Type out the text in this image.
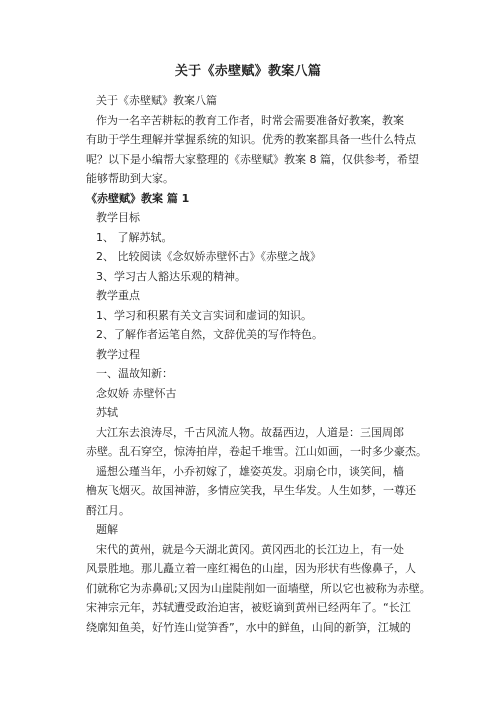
关于《赤壁赋》教案八篇

关于《赤壁赋》教案八篇

作为一名辛苦耕耘的教育工作者，时常会需要准备好教案，教案

有助于学生理解并掌握系统的知识。优秀的教案都具备一些什么特点

呢？以下是小编帮大家整理的《赤壁赋》教案 8 篇，仅供参考，希望

能够帮助到大家。

《赤壁赋》教案 篇 1

教学目标

1、 了解苏轼。

2、 比较阅读《念奴娇赤壁怀古》《赤壁之战》

3、学习古人豁达乐观的精神。

教学重点

1、学习和积累有关文言实词和虚词的知识。

2、了解作者运笔自然，文辞优美的写作特色。

教学过程

一、温故知新：

念奴娇 赤壁怀古

苏轼

大江东去浪涛尽，千古风流人物。故磊西边，人道是：三国周郎

赤壁。乱石穿空，惊涛拍岸，卷起千堆雪。江山如画，一时多少豪杰。

遥想公瑾当年，小乔初嫁了，雄姿英发。羽扇仑巾，谈笑间，樯

橹灰飞烟灭。故国神游，多情应笑我，早生华发。人生如梦，一尊还

酹江月。

题解

宋代的黄州，就是今天湖北黄冈。黄冈西北的长江边上，有一处

风景胜地。那儿矗立着一座红褐色的山崖，因为形状有些像鼻子，人

们就称它为赤鼻矶;又因为山崖陡削如一面墙壁，所以它也被称为赤壁。

宋神宗元年，苏轼遭受政治迫害，被贬谪到黄州已经两年了。“长江

绕廓知鱼美，好竹连山觉笋香”，水中的鲜鱼，山间的新笋，江城的
